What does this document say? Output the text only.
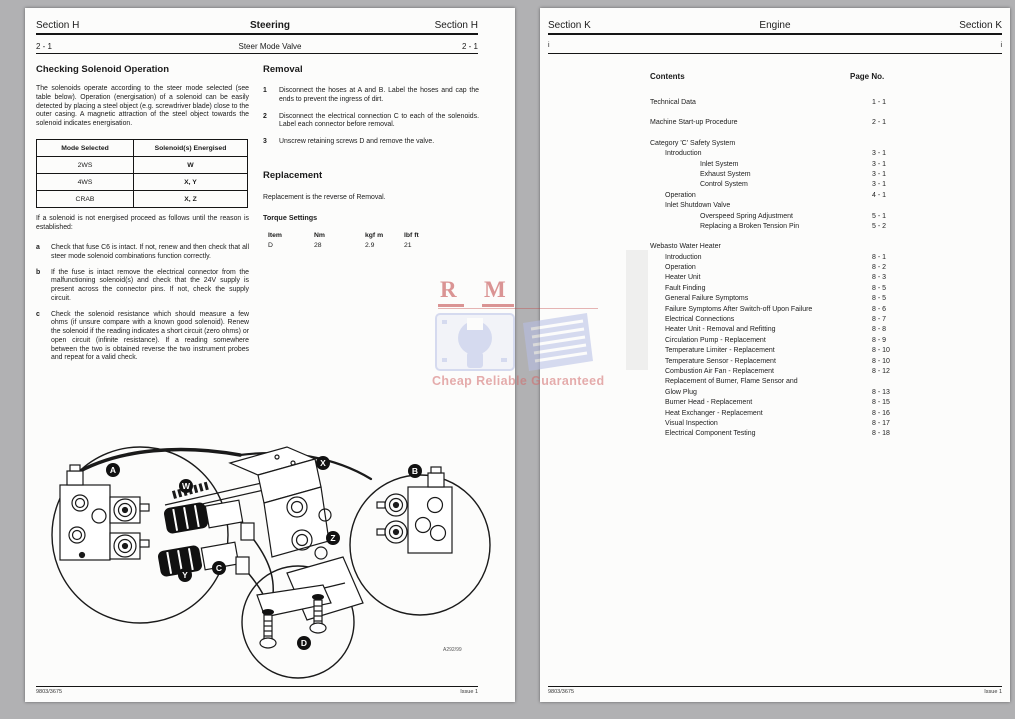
Section H	Steering	Section H
2 - 1	Steer Mode Valve	2 - 1
Checking Solenoid Operation
The solenoids operate according to the steer mode selected (see table below). Operation (energisation) of a solenoid can be easily detected by placing a steel object (e.g. screwdriver blade) close to the outer casing. A magnetic attraction of the steel object towards the solenoid indicates energisation.
Mode Selected	Solenoid(s) Energised
2WS	W
4WS	X, Y
CRAB	X, Z
If a solenoid is not energised proceed as follows until the reason is established:
a	Check that fuse C6 is intact. If not, renew and then check that all steer mode solenoid combinations function correctly.
b	If the fuse is intact remove the electrical connector from the malfunctioning solenoid(s) and check that the 24V supply is present across the connector pins. If not, check the supply circuit.
c	Check the solenoid resistance which should measure a few ohms (if unsure compare with a known good solenoid). Renew the solenoid if the reading indicates a short circuit (zero ohms) or open circuit (infinite resistance). If a reading somewhere between the two is obtained reverse the two instrument probes and repeat for a valid check.
Removal
1	Disconnect the hoses at A and B. Label the hoses and cap the ends to prevent the ingress of dirt.
2	Disconnect the electrical connection C to each of the solenoids. Label each connector before removal.
3	Unscrew retaining screws D and remove the valve.
Replacement
Replacement is the reverse of Removal.
Torque Settings
Item	Nm	kgf m	lbf ft
D	28	2.9	21
A
W
X
B
Y
C
Z
D
A292/99
9803/3675	Issue 1
Section K	Engine	Section K
i	i
Contents	Page No.
Technical Data	1 - 1
Machine Start-up Procedure	2 - 1
Category 'C' Safety System
Introduction	3 - 1
Inlet System	3 - 1
Exhaust System	3 - 1
Control System	3 - 1
Operation	4 - 1
Inlet Shutdown Valve
Overspeed Spring Adjustment	5 - 1
Replacing a Broken Tension Pin	5 - 2
Webasto Water Heater
Introduction	8 - 1
Operation	8 - 2
Heater Unit	8 - 3
Fault Finding	8 - 5
General Failure Symptoms	8 - 5
Failure Symptoms After Switch-off Upon Failure	8 - 6
Electrical Connections	8 - 7
Heater Unit - Removal and Refitting	8 - 8
Circulation Pump - Replacement	8 - 9
Temperature Limiter - Replacement	8 - 10
Temperature Sensor - Replacement	8 - 10
Combustion Air Fan - Replacement	8 - 12
Replacement of Burner, Flame Sensor and
Glow Plug	8 - 13
Burner Head - Replacement	8 - 15
Heat Exchanger - Replacement	8 - 16
Visual Inspection	8 - 17
Electrical Component Testing	8 - 18
9803/3675	Issue 1
R M
Cheap Reliable Guaranteed
